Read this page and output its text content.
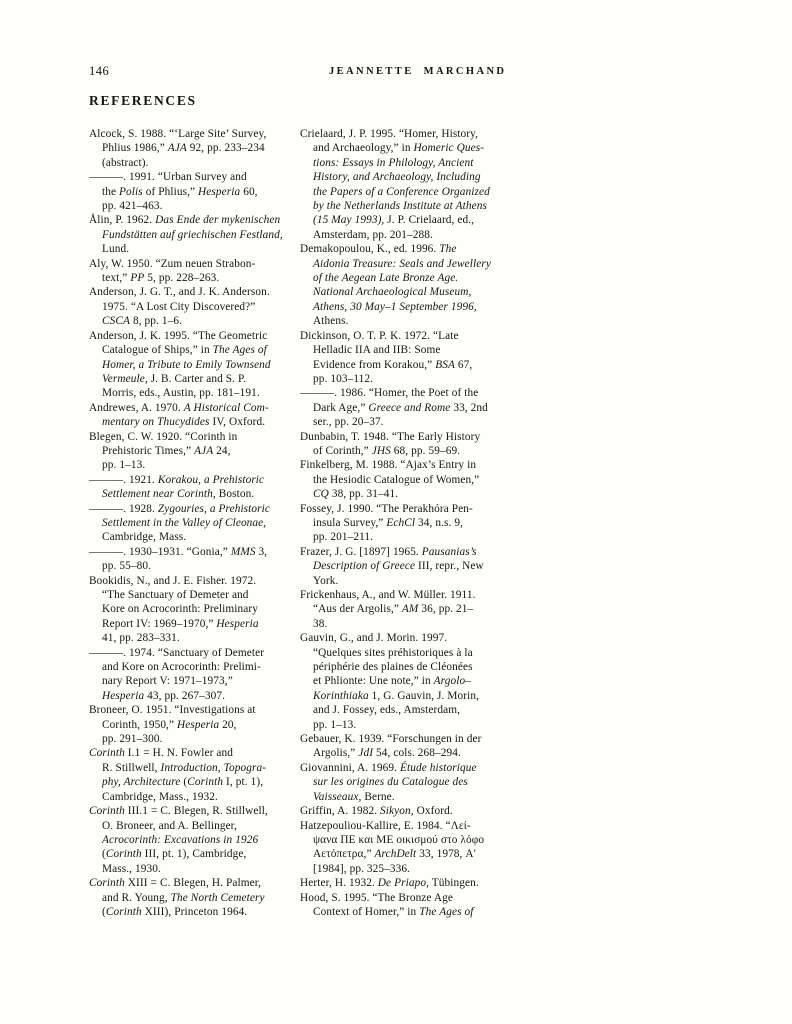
146	JEANNETTE MARCHAND
REFERENCES

Alcock, S. 1988. “‘Large Site’ Survey,
Phlius 1986,” AJA 92, pp. 233–234
(abstract).

———. 1991. “Urban Survey and
the Polis of Phlius,” Hesperia 60,
pp. 421–463.

Ålin, P. 1962. Das Ende der mykenischen
Fundstätten auf griechischen Festland,
Lund.

Aly, W. 1950. “Zum neuen Strabon-
text,” PP 5, pp. 228–263.

Anderson, J. G. T., and J. K. Anderson.
1975. “A Lost City Discovered?”
CSCA 8, pp. 1–6.

Anderson, J. K. 1995. “The Geometric
Catalogue of Ships,” in The Ages of
Homer, a Tribute to Emily Townsend
Vermeule, J. B. Carter and S. P.
Morris, eds., Austin, pp. 181–191.

Andrewes, A. 1970. A Historical Com-
mentary on Thucydides IV, Oxford.

Blegen, C. W. 1920. “Corinth in
Prehistoric Times,” AJA 24,
pp. 1–13.

———. 1921. Korakou, a Prehistoric
Settlement near Corinth, Boston.

———. 1928. Zygouries, a Prehistoric
Settlement in the Valley of Cleonae,
Cambridge, Mass.

———. 1930–1931. “Gonia,” MMS 3,
pp. 55–80.

Bookidis, N., and J. E. Fisher. 1972.
“The Sanctuary of Demeter and
Kore on Acrocorinth: Preliminary
Report IV: 1969–1970,” Hesperia
41, pp. 283–331.

———. 1974. “Sanctuary of Demeter
and Kore on Acrocorinth: Prelimi-
nary Report V: 1971–1973,”
Hesperia 43, pp. 267–307.

Broneer, O. 1951. “Investigations at
Corinth, 1950,” Hesperia 20,
pp. 291–300.

Corinth I.1 = H. N. Fowler and
R. Stillwell, Introduction, Topogra-
phy, Architecture (Corinth I, pt. 1),
Cambridge, Mass., 1932.

Corinth III.1 = C. Blegen, R. Stillwell,
O. Broneer, and A. Bellinger,
Acrocorinth: Excavations in 1926
(Corinth III, pt. 1), Cambridge,
Mass., 1930.

Corinth XIII = C. Blegen, H. Palmer,
and R. Young, The North Cemetery
(Corinth XIII), Princeton 1964.

Crielaard, J. P. 1995. “Homer, History,
and Archaeology,” in Homeric Ques-
tions: Essays in Philology, Ancient
History, and Archaeology, Including
the Papers of a Conference Organized
by the Netherlands Institute at Athens
(15 May 1993), J. P. Crielaard, ed.,
Amsterdam, pp. 201–288.

Demakopoulou, K., ed. 1996. The
Aidonia Treasure: Seals and Jewellery
of the Aegean Late Bronze Age.
National Archaeological Museum,
Athens, 30 May–1 September 1996,
Athens.

Dickinson, O. T. P. K. 1972. “Late
Helladic IIA and IIB: Some
Evidence from Korakou,” BSA 67,
pp. 103–112.

———. 1986. “Homer, the Poet of the
Dark Age,” Greece and Rome 33, 2nd
ser., pp. 20–37.

Dunbabin, T. 1948. “The Early History
of Corinth,” JHS 68, pp. 59–69.

Finkelberg, M. 1988. “Ajax’s Entry in
the Hesiodic Catalogue of Women,”
CQ 38, pp. 31–41.

Fossey, J. 1990. “The Perakhóra Pen-
insula Survey,” EchCl 34, n.s. 9,
pp. 201–211.

Frazer, J. G. [1897] 1965. Pausanias’s
Description of Greece III, repr., New
York.

Frickenhaus, A., and W. Müller. 1911.
“Aus der Argolis,” AM 36, pp. 21–
38.

Gauvin, G., and J. Morin. 1997.
“Quelques sites préhistoriques à la
périphérie des plaines de Cléonées
et Phlionte: Une note,” in Argolo–
Korinthiaka 1, G. Gauvin, J. Morin,
and J. Fossey, eds., Amsterdam,
pp. 1–13.

Gebauer, K. 1939. “Forschungen in der
Argolis,” JdI 54, cols. 268–294.

Giovannini, A. 1969. Étude historique
sur les origines du Catalogue des
Vaisseaux, Berne.

Griffin, A. 1982. Sikyon, Oxford.

Hatzepouliou-Kallire, E. 1984. “Λεί-
ψανα ΠΕ και ΜΕ οικισμού στο λόφο
Αετόπετρα,” ArchDelt 33, 1978, Α′
[1984], pp. 325–336.

Herter, H. 1932. De Priapo, Tübingen.

Hood, S. 1995. “The Bronze Age
Context of Homer,” in The Ages of
